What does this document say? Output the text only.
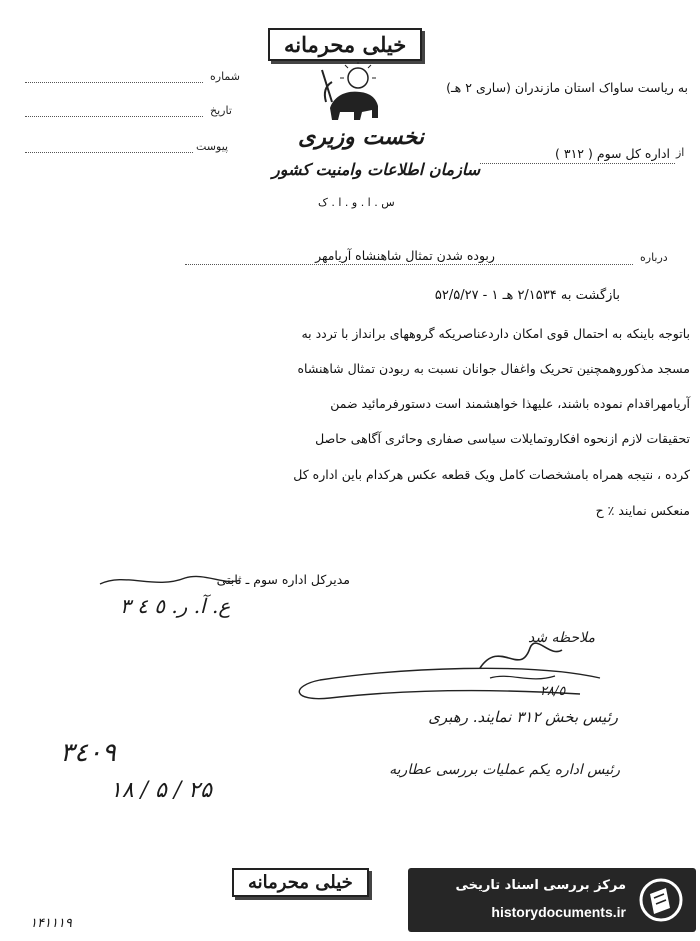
خیلی محرمانه
شماره
تاریخ
پیوست
به ریاست ساواک استان مازندران (ساری ۲ هـ)
اداره کل سوم ( ۳۱۲ ) از
نخست وزیری
سازمان اطلاعات وامنیت کشور
س . ا . و . ا . ک
درباره
ربوده شدن تمثال شاهنشاه آریامهر
بازگشت به ۲/۱۵۳۴ هـ ۱ - ۵۲/۵/۲۷
باتوجه باینکه به احتمال قوی امکان داردعناصریکه گروههای برانداز با تردد به
مسجد مذکوروهمچنین تحریک واغفال جوانان نسبت به ربودن تمثال شاهنشاه
آریامهراقدام نموده باشند، علیهذا خواهشمند است دستورفرمائید ضمن
تحقیقات لازم ازنحوه افکاروتمایلات سیاسی صفاری وحائری آگاهی حاصل
کرده ، نتیجه همراه بامشخصات کامل ویک قطعه عکس هرکدام باین اداره کل
منعکس نمایند ٪ ح
مدیرکل اداره سوم ـ ثابتی
ع. آ. ر. ٥ ٤ ٣
ملاحظه شد
۲۸/٥
رئیس بخش ۳۱۲ نمایند. رهبری
رئیس اداره یکم عملیات بررسی عطاریه
۳٤۰۹
۱۸ / ۵ / ۲۵
خیلی محرمانه
۱۴۱۱۱۹
مرکز بررسی اسناد تاریخی
historydocuments.ir
